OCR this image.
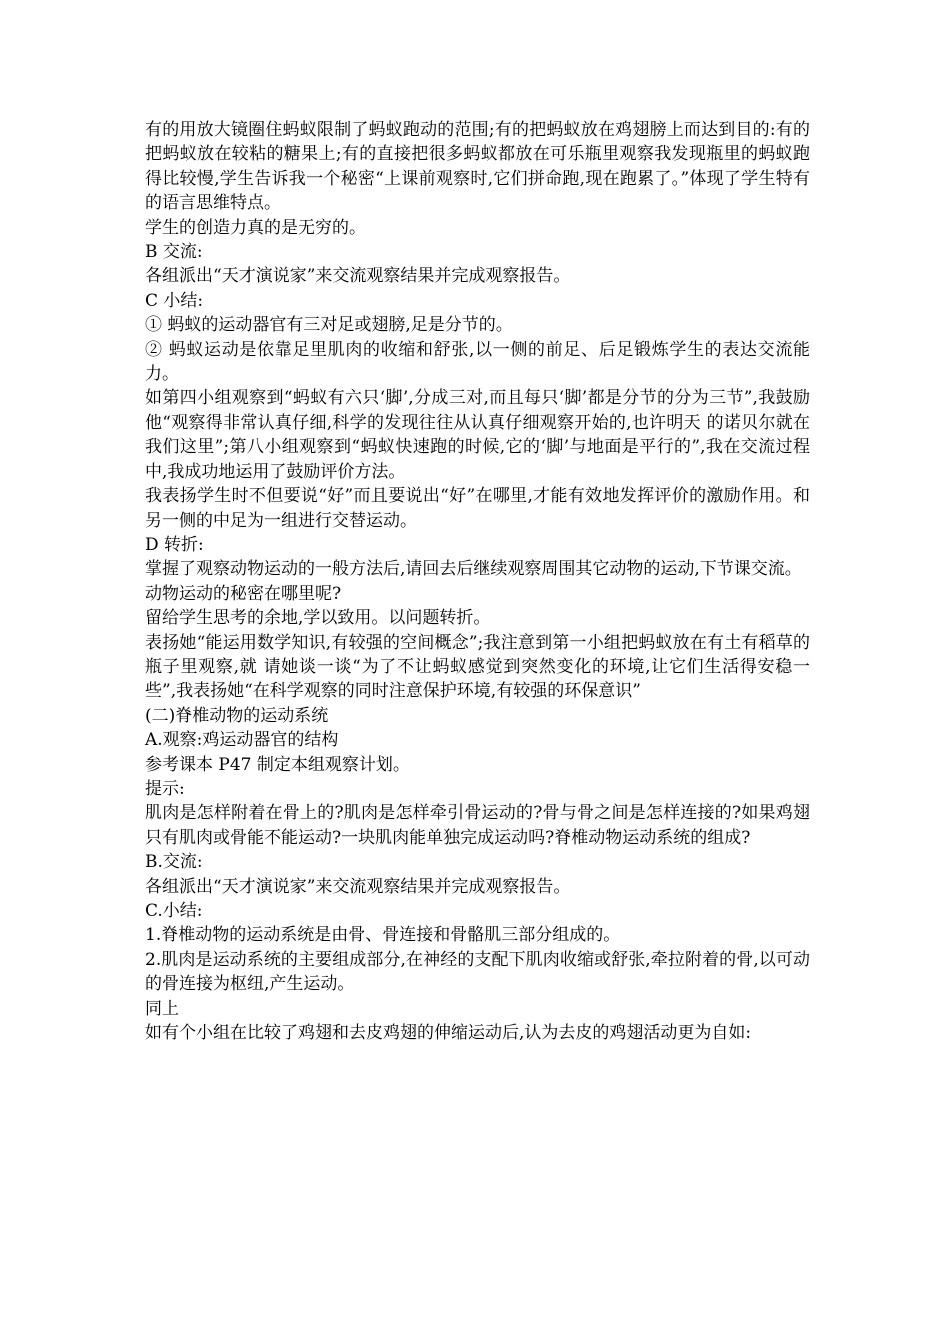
有的用放大镜圈住蚂蚁限制了蚂蚁跑动的范围;有的把蚂蚁放在鸡翅膀上而达到目的:有的把蚂蚁放在较粘的糖果上;有的直接把很多蚂蚁都放在可乐瓶里观察我发现瓶里的蚂蚁跑得比较慢,学生告诉我一个秘密“上课前观察时,它们拼命跑,现在跑累了。”体现了学生特有的语言思维特点。

学生的创造力真的是无穷的。

B 交流:

各组派出“天才演说家”来交流观察结果并完成观察报告。

C 小结:

① 蚂蚁的运动器官有三对足或翅膀,足是分节的。

② 蚂蚁运动是依靠足里肌肉的收缩和舒张,以一侧的前足、后足锻炼学生的表达交流能力。

如第四小组观察到“蚂蚁有六只‘脚’,分成三对,而且每只‘脚’都是分节的分为三节”,我鼓励他“观察得非常认真仔细,科学的发现往往从认真仔细观察开始的,也许明天 的诺贝尔就在我们这里”;第八小组观察到“蚂蚁快速跑的时候,它的‘脚’与地面是平行的”,我在交流过程中,我成功地运用了鼓励评价方法。

我表扬学生时不但要说“好”而且要说出“好”在哪里,才能有效地发挥评价的激励作用。和另一侧的中足为一组进行交替运动。

D 转折:

掌握了观察动物运动的一般方法后,请回去后继续观察周围其它动物的运动,下节课交流。

动物运动的秘密在哪里呢?

留给学生思考的余地,学以致用。以问题转折。

表扬她“能运用数学知识,有较强的空间概念”;我注意到第一小组把蚂蚁放在有土有稻草的瓶子里观察,就 请她谈一谈“为了不让蚂蚁感觉到突然变化的环境,让它们生活得安稳一些”,我表扬她“在科学观察的同时注意保护环境,有较强的环保意识”

(二)脊椎动物的运动系统

A.观察:鸡运动器官的结构

参考课本 P47 制定本组观察计划。

提示:

肌肉是怎样附着在骨上的?肌肉是怎样牵引骨运动的?骨与骨之间是怎样连接的?如果鸡翅只有肌肉或骨能不能运动?一块肌肉能单独完成运动吗?脊椎动物运动系统的组成?

B.交流:

各组派出“天才演说家”来交流观察结果并完成观察报告。

C.小结:

1.脊椎动物的运动系统是由骨、骨连接和骨骼肌三部分组成的。

2.肌肉是运动系统的主要组成部分,在神经的支配下肌肉收缩或舒张,牵拉附着的骨,以可动的骨连接为枢纽,产生运动。

同上

如有个小组在比较了鸡翅和去皮鸡翅的伸缩运动后,认为去皮的鸡翅活动更为自如:
